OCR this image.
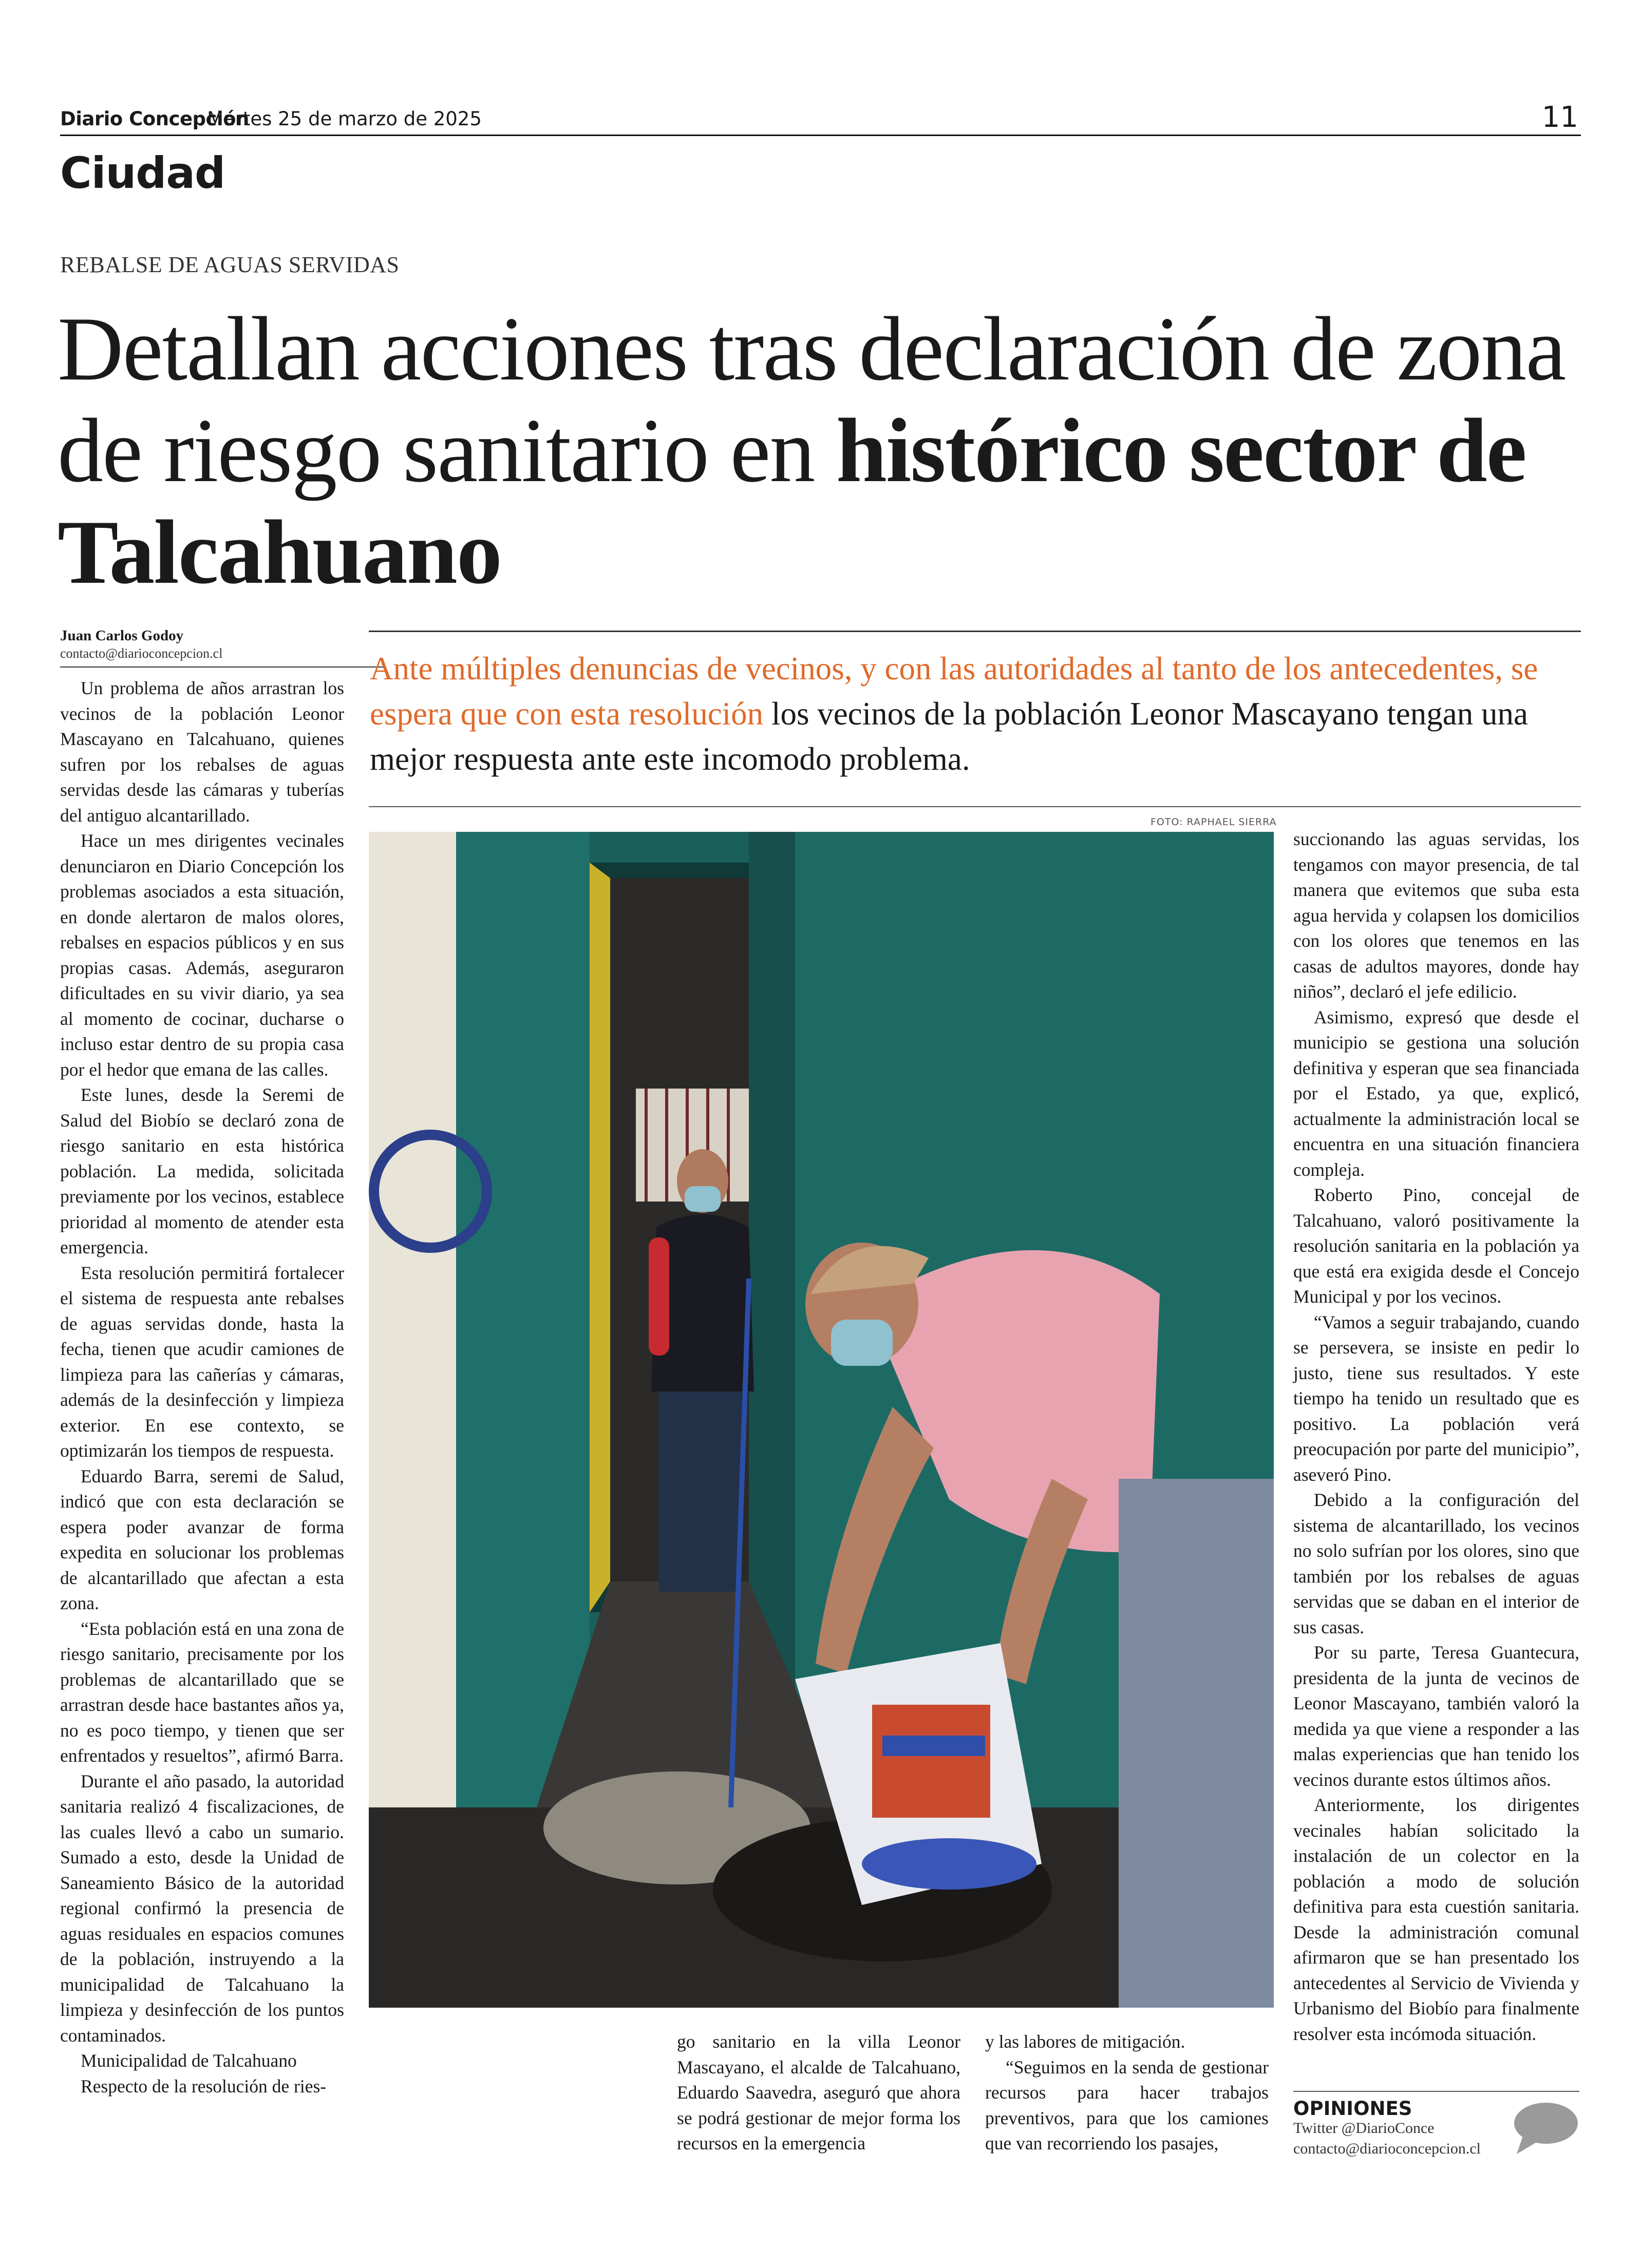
Diario Concepción
Martes 25 de marzo de 2025	11
Ciudad
REBALSE DE AGUAS SERVIDAS
Detallan acciones tras declaración de zona de riesgo sanitario en histórico sector de Talcahuano
Juan Carlos Godoy
contacto@diarioconcepcion.cl	Ante múltiples denuncias de vecinos, y con las autoridades al tanto de los antecedentes, se espera que con esta resolución los vecinos de la población Leonor Mascayano tengan una mejor respuesta ante este incomodo problema.
FOTO: RAPHAEL SIERRA

Un problema de años arrastran los vecinos de la población Leonor Mascayano en Talcahuano, quienes sufren por los rebalses de aguas servidas desde las cámaras y tuberías del antiguo alcantarillado.

Hace un mes dirigentes vecinales denunciaron en Diario Concepción los problemas asociados a esta situación, en donde alertaron de malos olores, rebalses en espacios públicos y en sus propias casas. Además, aseguraron dificultades en su vivir diario, ya sea al momento de cocinar, ducharse o incluso estar dentro de su propia casa por el hedor que emana de las calles.

Este lunes, desde la Seremi de Salud del Biobío se declaró zona de riesgo sanitario en esta histórica población. La medida, solicitada previamente por los vecinos, establece prioridad al momento de atender esta emergencia.

Esta resolución permitirá fortalecer el sistema de respuesta ante rebalses de aguas servidas donde, hasta la fecha, tienen que acudir camiones de limpieza para las cañerías y cámaras, además de la desinfección y limpieza exterior. En ese contexto, se optimizarán los tiempos de respuesta.

Eduardo Barra, seremi de Salud, indicó que con esta declaración se espera poder avanzar de forma expedita en solucionar los problemas de alcantarillado que afectan a esta zona.

“Esta población está en una zona de riesgo sanitario, precisamente por los problemas de alcantarillado que se arrastran desde hace bastantes años ya, no es poco tiempo, y tienen que ser enfrentados y resueltos”, afirmó Barra.

Durante el año pasado, la autoridad sanitaria realizó 4 fiscalizaciones, de las cuales llevó a cabo un sumario. Sumado a esto, desde la Unidad de Saneamiento Básico de la autoridad regional confirmó la presencia de aguas residuales en espacios comunes de la población, instruyendo a la municipalidad de Talcahuano la limpieza y desinfección de los puntos contaminados.

Municipalidad de Talcahuano

Respecto de la resolución de ries-

go sanitario en la villa Leonor Mascayano, el alcalde de Talcahuano, Eduardo Saavedra, aseguró que ahora se podrá gestionar de mejor forma los recursos en la emergencia

y las labores de mitigación.

“Seguimos en la senda de gestionar recursos para hacer trabajos preventivos, para que los camiones que van recorriendo los pasajes,

succionando las aguas servidas, los tengamos con mayor presencia, de tal manera que evitemos que suba esta agua hervida y colapsen los domicilios con los olores que tenemos en las casas de adultos mayores, donde hay niños”, declaró el jefe edilicio.

Asimismo, expresó que desde el municipio se gestiona una solución definitiva y esperan que sea financiada por el Estado, ya que, explicó, actualmente la administración local se encuentra en una situación financiera compleja.

Roberto Pino, concejal de Talcahuano, valoró positivamente la resolución sanitaria en la población ya que está era exigida desde el Concejo Municipal y por los vecinos.

“Vamos a seguir trabajando, cuando se persevera, se insiste en pedir lo justo, tiene sus resultados. Y este tiempo ha tenido un resultado que es positivo. La población verá preocupación por parte del municipio”, aseveró Pino.

Debido a la configuración del sistema de alcantarillado, los vecinos no solo sufrían por los olores, sino que también por los rebalses de aguas servidas que se daban en el interior de sus casas.

Por su parte, Teresa Guantecura, presidenta de la junta de vecinos de Leonor Mascayano, también valoró la medida ya que viene a responder a las malas experiencias que han tenido los vecinos durante estos últimos años.

Anteriormente, los dirigentes vecinales habían solicitado la instalación de un colector en la población a modo de solución definitiva para esta cuestión sanitaria. Desde la administración comunal afirmaron que se han presentado los antecedentes al Servicio de Vivienda y Urbanismo del Biobío para finalmente resolver esta incómoda situación.

OPINIONES
Twitter @DiarioConce
contacto@diarioconcepcion.cl
